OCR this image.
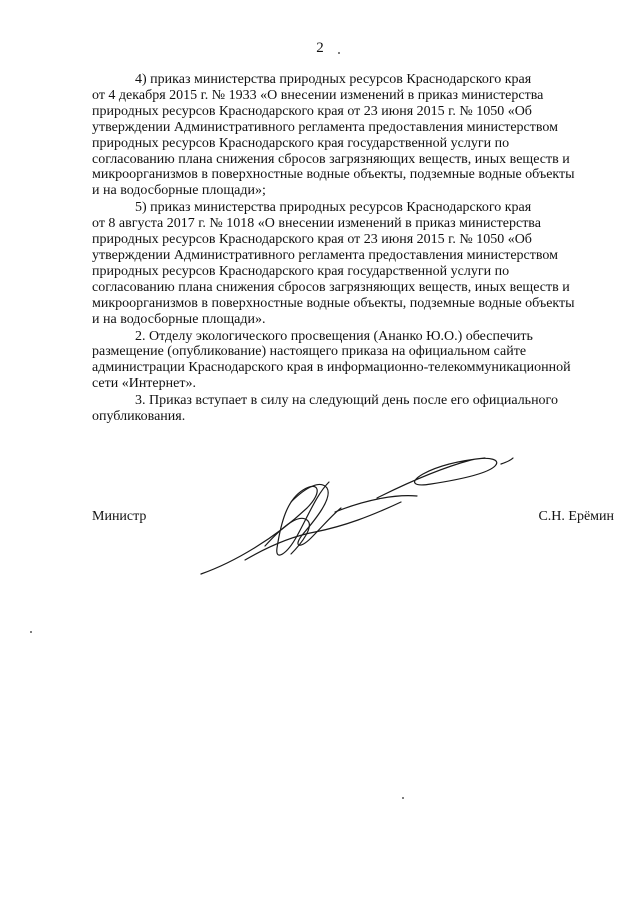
2

4) приказ министерства природных ресурсов Краснодарского края
от 4 декабря 2015 г. № 1933 «О внесении изменений в приказ министерства
природных ресурсов Краснодарского края от 23 июня 2015 г. № 1050 «Об
утверждении Административного регламента предоставления министерством
природных ресурсов Краснодарского края государственной услуги по
согласованию плана снижения сбросов загрязняющих веществ, иных веществ и
микроорганизмов в поверхностные водные объекты, подземные водные объекты
и на водосборные площади»;

5) приказ министерства природных ресурсов Краснодарского края
от 8 августа 2017 г. № 1018 «О внесении изменений в приказ министерства
природных ресурсов Краснодарского края от 23 июня 2015 г. № 1050 «Об
утверждении Административного регламента предоставления министерством
природных ресурсов Краснодарского края государственной услуги по
согласованию плана снижения сбросов загрязняющих веществ, иных веществ и
микроорганизмов в поверхностные водные объекты, подземные водные объекты
и на водосборные площади».

2. Отделу экологического просвещения (Ананко Ю.О.) обеспечить
размещение (опубликование) настоящего приказа на официальном сайте
администрации Краснодарского края в информационно-телекоммуникационной
сети «Интернет».

3. Приказ вступает в силу на следующий день после его официального
опубликования.

Министр	С.Н. Ерёмин
